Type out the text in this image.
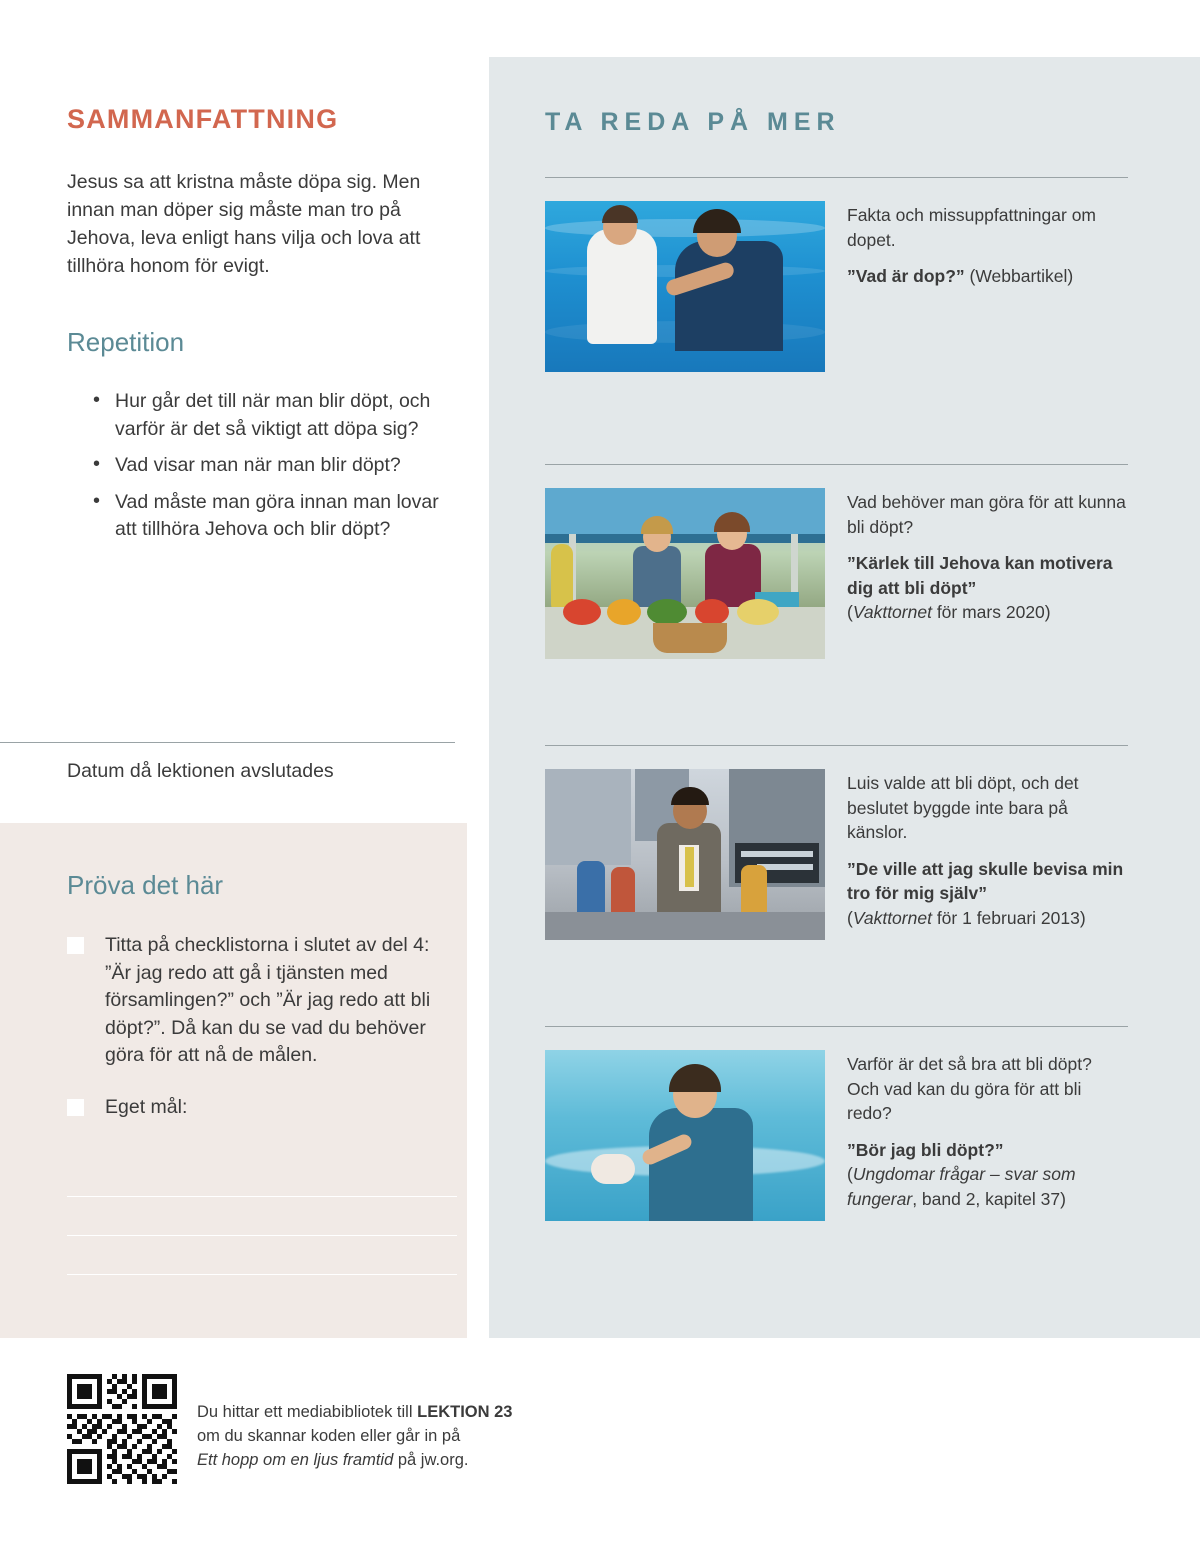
SAMMANFATTNING
Jesus sa att kristna måste döpa sig. Men innan man döper sig måste man tro på Jehova, leva enligt hans vilja och lova att tillhöra honom för evigt.
Repetition
• Hur går det till när man blir döpt, och varför är det så viktigt att döpa sig?
• Vad visar man när man blir döpt?
• Vad måste man göra innan man lovar att tillhöra Jehova och blir döpt?
Datum då lektionen avslutades
Pröva det här
Titta på checklistorna i slutet av del 4: ”Är jag redo att gå i tjänsten med församlingen?” och ”Är jag redo att bli döpt?”. Då kan du se vad du behöver göra för att nå de målen.
Eget mål:
TA REDA PÅ MER

Fakta och missuppfattningar om dopet.

”Vad är dop?” (Webbartikel)

Vad behöver man göra för att kunna bli döpt?

”Kärlek till Jehova kan motivera dig att bli döpt”
(Vakttornet för mars 2020)

Luis valde att bli döpt, och det beslutet byggde inte bara på känslor.

”De ville att jag skulle bevisa min tro för mig själv”
(Vakttornet för 1 februari 2013)

Varför är det så bra att bli döpt? Och vad kan du göra för att bli redo?

”Bör jag bli döpt?”
(Ungdomar frågar – svar som fungerar, band 2, kapitel 37)

Du hittar ett mediabibliotek till LEKTION 23
om du skannar koden eller går in på
Ett hopp om en ljus framtid på jw.org.
